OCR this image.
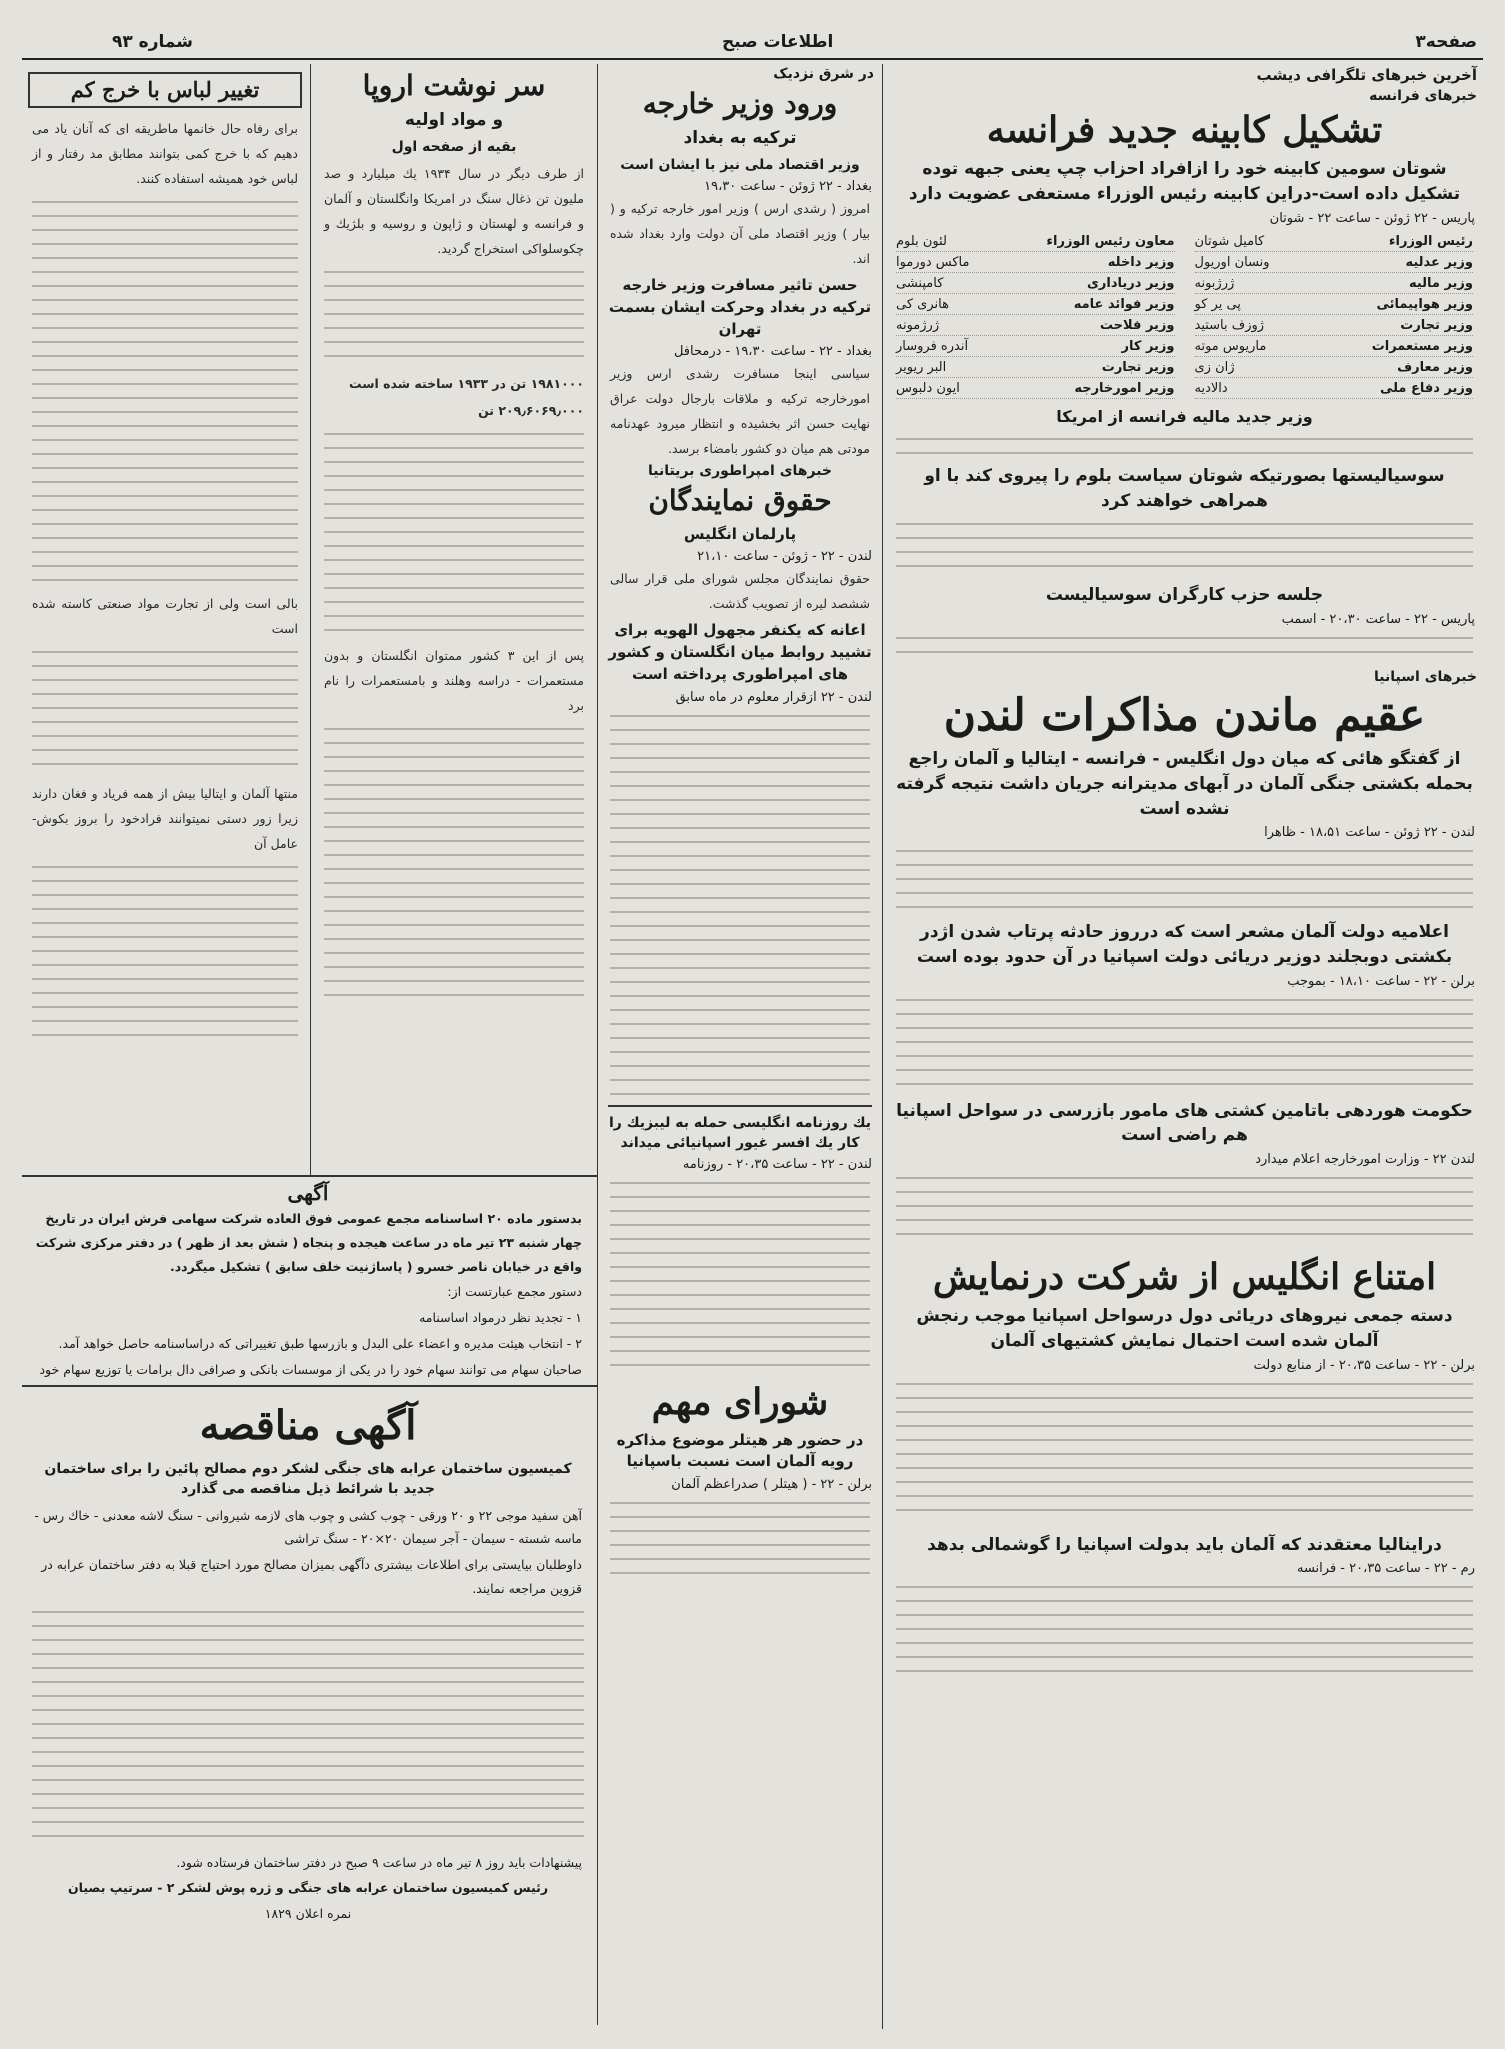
صفحه۳
اطلاعات صبح
شماره ۹۳
آخرین خبرهای تلگرافی دیشب
خبرهای فرانسه
تشکیل کابینه جدید فرانسه
شوتان سومین کابینه خود را ازافراد احزاب چپ یعنی جبهه توده تشکیل داده است-دراین کابینه رئیس الوزراء مستعفی عضویت دارد
پاریس - ۲۲ ژوئن - ساعت ۲۲ - شوتان
رئیس الوزراء
کامیل شوتان
معاون رئیس الوزراء
لئون بلوم
وزیر عدلیه
ونسان اوریول
وزیر داخله
ماکس دورموا
وزیر مالیه
ژرژبونه
وزیر دریاداری
کامپنشی
وزیر هواپیمائی
پی یر کو
وزیر فوائد عامه
هانری کی
وزیر تجارت
ژوزف باستید
وزیر فلاحت
ژرژمونه
وزیر مستعمرات
ماریوس موته
وزیر کار
آندره فروسار
وزیر معارف
ژان زی
وزیر تجارت
البر ریویر
وزیر دفاع ملی
دالادیه
وزیر امورخارجه
ایون دلبوس
وزیر جدید مالیه فرانسه از امریکا
سوسیالیستها بصورتیکه شوتان سیاست بلوم را پیروی کند با او همراهی خواهند کرد
جلسه حزب کارگران سوسیالیست
پاریس - ۲۲ - ساعت ۲۰،۳۰ - اسمب
خبرهای اسپانیا
عقیم ماندن مذاکرات لندن
از گفتگو هائی که میان دول انگلیس - فرانسه - ایتالیا و آلمان راجع بحمله بکشتی جنگی آلمان در آبهای مدیترانه جریان داشت نتیجه گرفته نشده است
لندن - ۲۲ ژوئن - ساعت ۱۸،۵۱ - ظاهرا
اعلامیه دولت آلمان مشعر است که درروز حادثه پرتاب شدن اژدر بکشتی دوبجلند دوزیر دریائی دولت اسپانیا در آن حدود بوده است
برلن - ۲۲ - ساعت ۱۸،۱۰ - بموجب
حکومت هوردهی باتامین کشتی های مامور بازرسی در سواحل اسپانیا هم راضی است
لندن ۲۲ - وزارت امورخارجه اعلام میدارد
امتناع انگلیس از شرکت درنمایش
دسته جمعی نیروهای دریائی دول درسواحل اسپانیا موجب رنجش آلمان شده است احتمال نمایش کشتیهای آلمان
برلن - ۲۲ - ساعت ۲۰،۳۵ - از منابع دولت
دراینالیا معتقدند که آلمان باید بدولت اسپانیا را گوشمالی بدهد
رم - ۲۲ - ساعت ۲۰،۳۵ - فرانسه
در شرق نزدیک
ورود وزیر خارجه
ترکیه به بغداد
وزیر اقتصاد ملی نیز با ایشان است
بغداد - ۲۲ ژوئن - ساعت ۱۹،۳۰
امروز ( رشدی ارس ) وزیر امور خارجه ترکیه و ( بیار ) وزیر اقتصاد ملی آن دولت وارد بغداد شده اند.
حسن تاثیر مسافرت وزیر خارجه ترکیه در بغداد وحرکت ایشان بسمت تهران
بغداد - ۲۲ - ساعت ۱۹،۳۰ - درمحافل
سیاسی اینجا مسافرت رشدی ارس وزیر امورخارجه ترکیه و ملاقات بارجال دولت عراق نهایت حسن اثر بخشیده و انتظار میرود عهدنامه مودتی هم میان دو کشور بامضاء برسد.
خبرهای امپراطوری بریتانیا
حقوق نمایندگان
پارلمان انگلیس
لندن - ۲۲ - ژوئن - ساعت ۲۱،۱۰
حقوق نمایندگان مجلس شورای ملی قرار سالی ششصد لیره از تصویب گذشت.
اعانه که یکنفر مجهول الهویه برای تشیید روابط میان انگلستان و کشور های امپراطوری پرداخته است
لندن - ۲۲ ازقرار معلوم در ماه سابق
یك روزنامه انگلیسی حمله به لیبزیك را كار یك افسر غیور اسپانیائی میداند
لندن - ۲۲ - ساعت ۲۰،۳۵ - روزنامه
شورای مهم
در حضور هر هیتلر موضوع مذاکره رویه آلمان است نسبت باسپانیا
برلن - ۲۲ - ( هیتلر ) صدراعظم آلمان
سر نوشت اروپا
و مواد اولیه
بقیه از صفحه اول
از طرف دیگر در سال ۱۹۳۴ یك میلیارد و صد ملیون تن ذغال سنگ در امریکا وانگلستان و آلمان و فرانسه و لهستان و ژاپون و روسیه و بلژیك و چکوسلواکی استخراج گردید.
۱۹۸۱۰۰۰ تن در ۱۹۳۳ ساخته شده است
۲۰۹٫۶۰۶۹٫۰۰۰ تن
پس از این ۳ کشور ممتوان انگلستان و بدون مستعمرات - دراسه وهلند و بامستعمرات را نام برد
تغییر لباس با خرج کم
برای رفاه حال خانمها ماطریقه ای که آنان یاد می دهیم که با خرج کمی بتوانند مطابق مد رفتار و از لباس خود همیشه استفاده کنند.
بالی است ولی از تجارت مواد صنعتی کاسته شده است
منتها آلمان و ایتالیا بیش از همه فریاد و فغان دارند زیرا زور دستی نمیتوانند فرادخود را بروز بکوش-عامل آن
آگهی
بدستور ماده ۲۰ اساسنامه مجمع عمومی فوق العاده شرکت سهامی فرش ایران در تاریخ چهار شنبه ۲۳ تیر ماه در ساعت هیجده و پنجاه ( شش بعد از ظهر ) در دفتر مرکزی شرکت واقع در خیابان ناصر خسرو ( پاساژنیت خلف سابق ) تشکیل میگردد.
دستور مجمع عبارتست از:
۱ - تجدید نظر درمواد اساسنامه
۲ - انتخاب هیئت مدیره و اعضاء علی البدل و بازرسها طبق تغییراتی که دراساسنامه حاصل خواهد آمد.
صاحبان سهام می توانند سهام خود را در یکی از موسسات بانکی و صرافی دال برامات یا توزیع سهام خود
آگهی مناقصه
کمیسیون ساختمان عرابه های جنگی لشکر دوم مصالح پائین را برای ساختمان جدید با شرائط ذیل مناقصه می گذارد
آهن سفید موجی ۲۲ و ۲۰ ورقی - چوب کشی و چوب های لازمه شیروانی - سنگ لاشه معدنی - خاك رس - ماسه شسته - سیمان - آجر سیمان ۲۰×۲۰ - سنگ تراشی
داوطلبان بیایستی برای اطلاعات بیشتری دآگهی بمیزان مصالح مورد احتیاج قبلا به دفتر ساختمان عرابه در قزوین مراجعه نمایند.
پیشنهادات باید روز ۸ تیر ماه در ساعت ۹ صبح در دفتر ساختمان فرستاده شود.
رئیس کمیسیون ساختمان عرابه های جنگی و ژره پوش لشکر ۲ - سرتیپ بصیان
نمره اعلان ۱۸۲۹
